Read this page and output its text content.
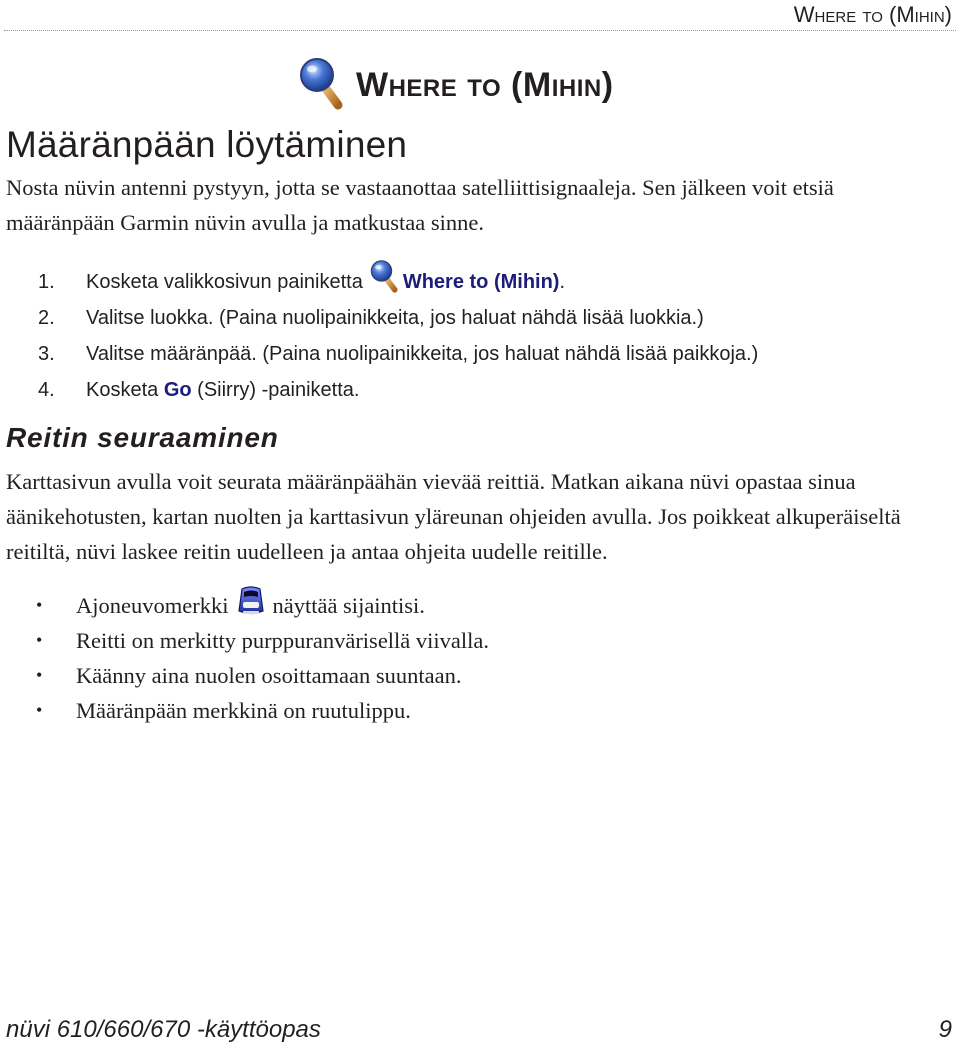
Where to (Mihin)
Where to (Mihin)
Määränpään löytäminen

Nosta nüvin antenni pystyyn, jotta se vastaanottaa satelliittisignaaleja. Sen jälkeen voit etsiä määränpään Garmin nüvin avulla ja matkustaa sinne.

1.	Kosketa valikkosivun painiketta Where to (Mihin) .
2.	Valitse luokka. (Paina nuolipainikkeita, jos haluat nähdä lisää luokkia.)
3.	Valitse määränpää. (Paina nuolipainikkeita, jos haluat nähdä lisää paikkoja.)
4.	Kosketa
Go
(Siirry) -painiketta.
Reitin seuraaminen

Karttasivun avulla voit seurata määränpäähän vievää reittiä. Matkan aikana nüvi opastaa sinua äänikehotusten, kartan nuolten ja karttasivun yläreunan ohjeiden avulla. Jos poikkeat alkuperäiseltä reitiltä, nüvi laskee reitin uudelleen ja antaa ohjeita uudelle reitille.

•	Ajoneuvomerkki näyttää sijaintisi.
•	Reitti on merkitty purppuranvärisellä viivalla.
•	Käänny aina nuolen osoittamaan suuntaan.
•	Määränpään merkkinä on ruutulippu.
nüvi 610/660/670 -käyttöopas	9
